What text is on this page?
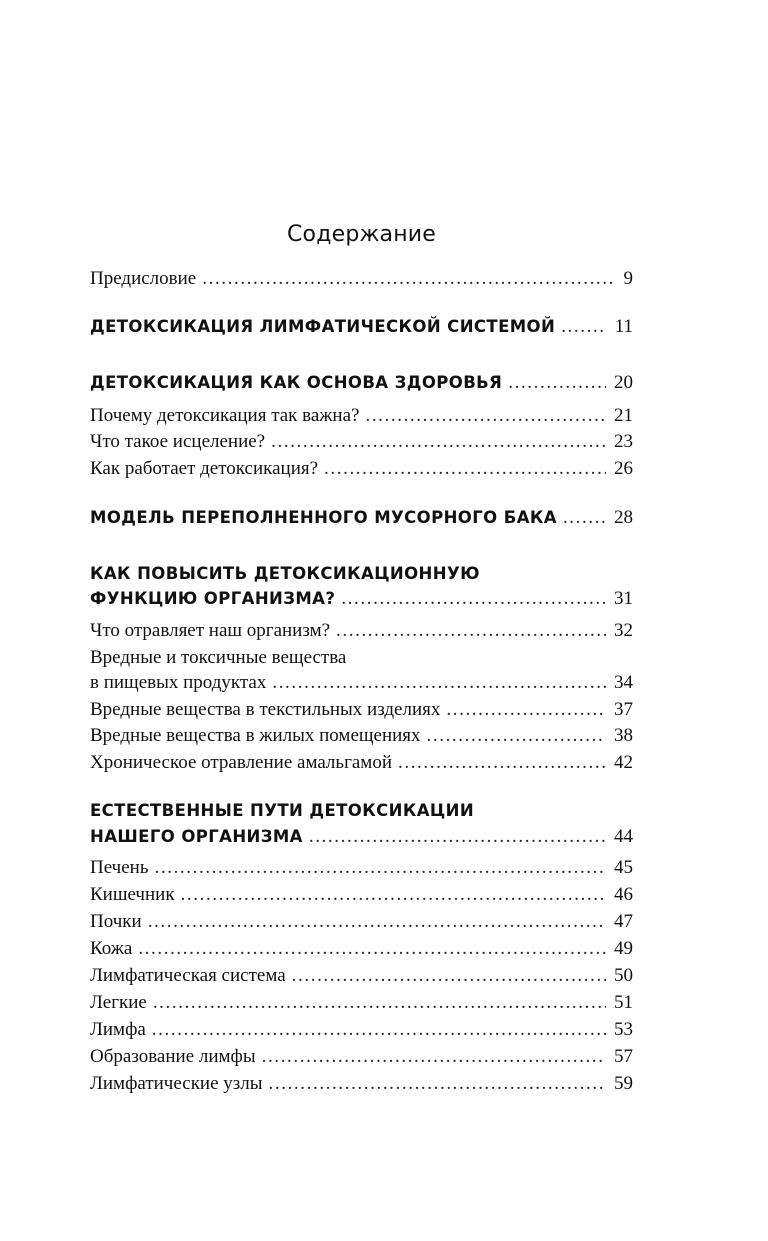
Содержание
Предисловие .....	9
ДЕТОКСИКАЦИЯ ЛИМФАТИЧЕСКОЙ СИСТЕМОЙ .....	11
ДЕТОКСИКАЦИЯ КАК ОСНОВА ЗДОРОВЬЯ .....	20
Почему детоксикация так важна? .....	21
Что такое исцеление? .....	23
Как работает детоксикация? .....	26
МОДЕЛЬ ПЕРЕПОЛНЕННОГО МУСОРНОГО БАКА .....	28
КАК ПОВЫСИТЬ ДЕТОКСИКАЦИОННУЮ
ФУНКЦИЮ ОРГАНИЗМА? .....	31
Что отравляет наш организм? .....	32
Вредные и токсичные вещества
в пищевых продуктах .....	34
Вредные вещества в текстильных изделиях .....	37
Вредные вещества в жилых помещениях .....	38
Хроническое отравление амальгамой .....	42
ЕСТЕСТВЕННЫЕ ПУТИ ДЕТОКСИКАЦИИ
НАШЕГО ОРГАНИЗМА .....	44
Печень .....	45
Кишечник .....	46
Почки .....	47
Кожа .....	49
Лимфатическая система .....	50
Легкие .....	51
Лимфа .....	53
Образование лимфы .....	57
Лимфатические узлы .....	59
